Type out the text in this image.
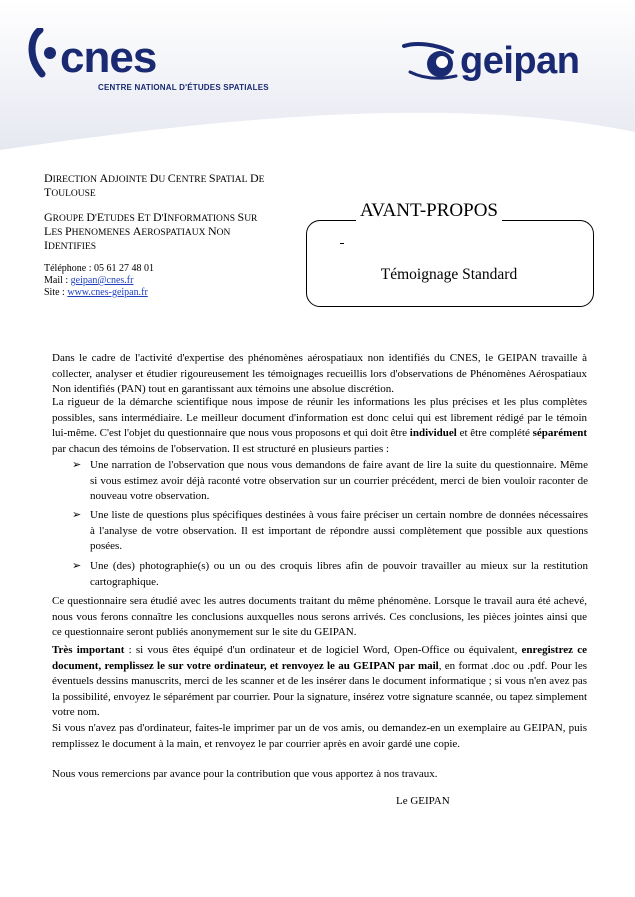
cnes
CENTRE NATIONAL D'ÉTUDES SPATIALES
geipan
DIRECTION ADJOINTE DU CENTRE SPATIAL DE
TOULOUSE
GROUPE D'ETUDES ET D'INFORMATIONS SUR
LES PHENOMENES AEROSPATIAUX NON
IDENTIFIES
Téléphone : 05 61 27 48 01
Mail : geipan@cnes.fr
Site : www.cnes-geipan.fr
AVANT-PROPOS
Témoignage Standard
Dans le cadre de l'activité d'expertise des phénomènes aérospatiaux non identifiés du CNES, le GEIPAN travaille à collecter, analyser et étudier rigoureusement les témoignages recueillis lors d'observations de Phénomènes Aérospatiaux Non identifiés (PAN) tout en garantissant aux témoins une absolue discrétion.
La rigueur de la démarche scientifique nous impose de réunir les informations les plus précises et les plus complètes possibles, sans intermédiaire. Le meilleur document d'information est donc celui qui est librement rédigé par le témoin lui-même. C'est l'objet du questionnaire que nous vous proposons et qui doit être individuel et être complété séparément par chacun des témoins de l'observation. Il est structuré en plusieurs parties :
➢ Une narration de l'observation que nous vous demandons de faire avant de lire la suite du questionnaire. Même si vous estimez avoir déjà raconté votre observation sur un courrier précédent, merci de bien vouloir raconter de nouveau votre observation.
➢ Une liste de questions plus spécifiques destinées à vous faire préciser un certain nombre de données nécessaires à l'analyse de votre observation. Il est important de répondre aussi complètement que possible aux questions posées.
➢ Une (des) photographie(s) ou un ou des croquis libres afin de pouvoir travailler au mieux sur la restitution cartographique.
Ce questionnaire sera étudié avec les autres documents traitant du même phénomène. Lorsque le travail aura été achevé, nous vous ferons connaître les conclusions auxquelles nous serons arrivés. Ces conclusions, les pièces jointes ainsi que ce questionnaire seront publiés anonymement sur le site du GEIPAN.
Très important : si vous êtes équipé d'un ordinateur et de logiciel Word, Open-Office ou équivalent, enregistrez ce document, remplissez le sur votre ordinateur, et renvoyez le au GEIPAN par mail, en format .doc ou .pdf. Pour les éventuels dessins manuscrits, merci de les scanner et de les insérer dans le document informatique ; si vous n'en avez pas la possibilité, envoyez le séparément par courrier. Pour la signature, insérez votre signature scannée, ou tapez simplement votre nom.
Si vous n'avez pas d'ordinateur, faites-le imprimer par un de vos amis, ou demandez-en un exemplaire au GEIPAN, puis remplissez le document à la main, et renvoyez le par courrier après en avoir gardé une copie.
Nous vous remercions par avance pour la contribution que vous apportez à nos travaux.
Le GEIPAN
